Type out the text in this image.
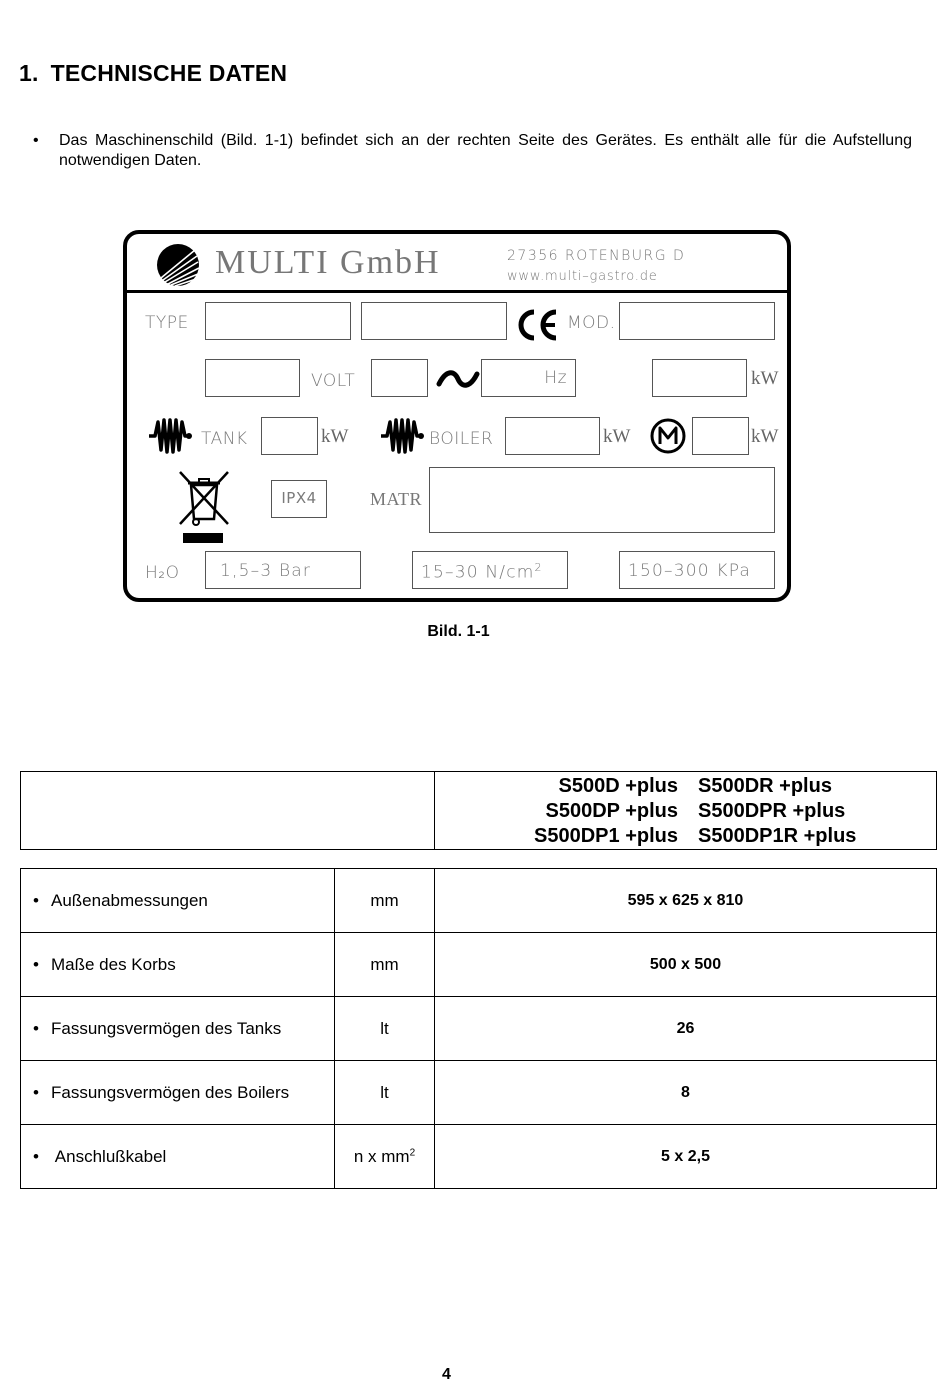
1. TECHNISCHE DATEN
• Das Maschinenschild (Bild. 1-1) befindet sich an der rechten Seite des Gerätes. Es enthält alle für die Aufstellung notwendigen Daten.
MULTI GmbH	27356 ROTENBURG D
www.multi–gastro.de
TYPE	MOD.
VOLT	Hz	kW
TANK	kW	BOILER	kW	kW
IPX4	MATR
H₂O 1,5–3 Bar	15–30 $N/cm^2$	150–300 KPa
Bild. 1-1

S500D +plus S500DR +plus
S500DP +plus S500DPR +plus
S500DP1 +plus S500DP1R +plus
• Außenabmessungen	mm	595 x 625 x 810
• Maße des Korbs	mm	500 x 500
• Fassungsvermögen des Tanks	lt	26
• Fassungsvermögen des Boilers	lt	8
• Anschlußkabel	n x $mm^2$	5 x 2,5
4
